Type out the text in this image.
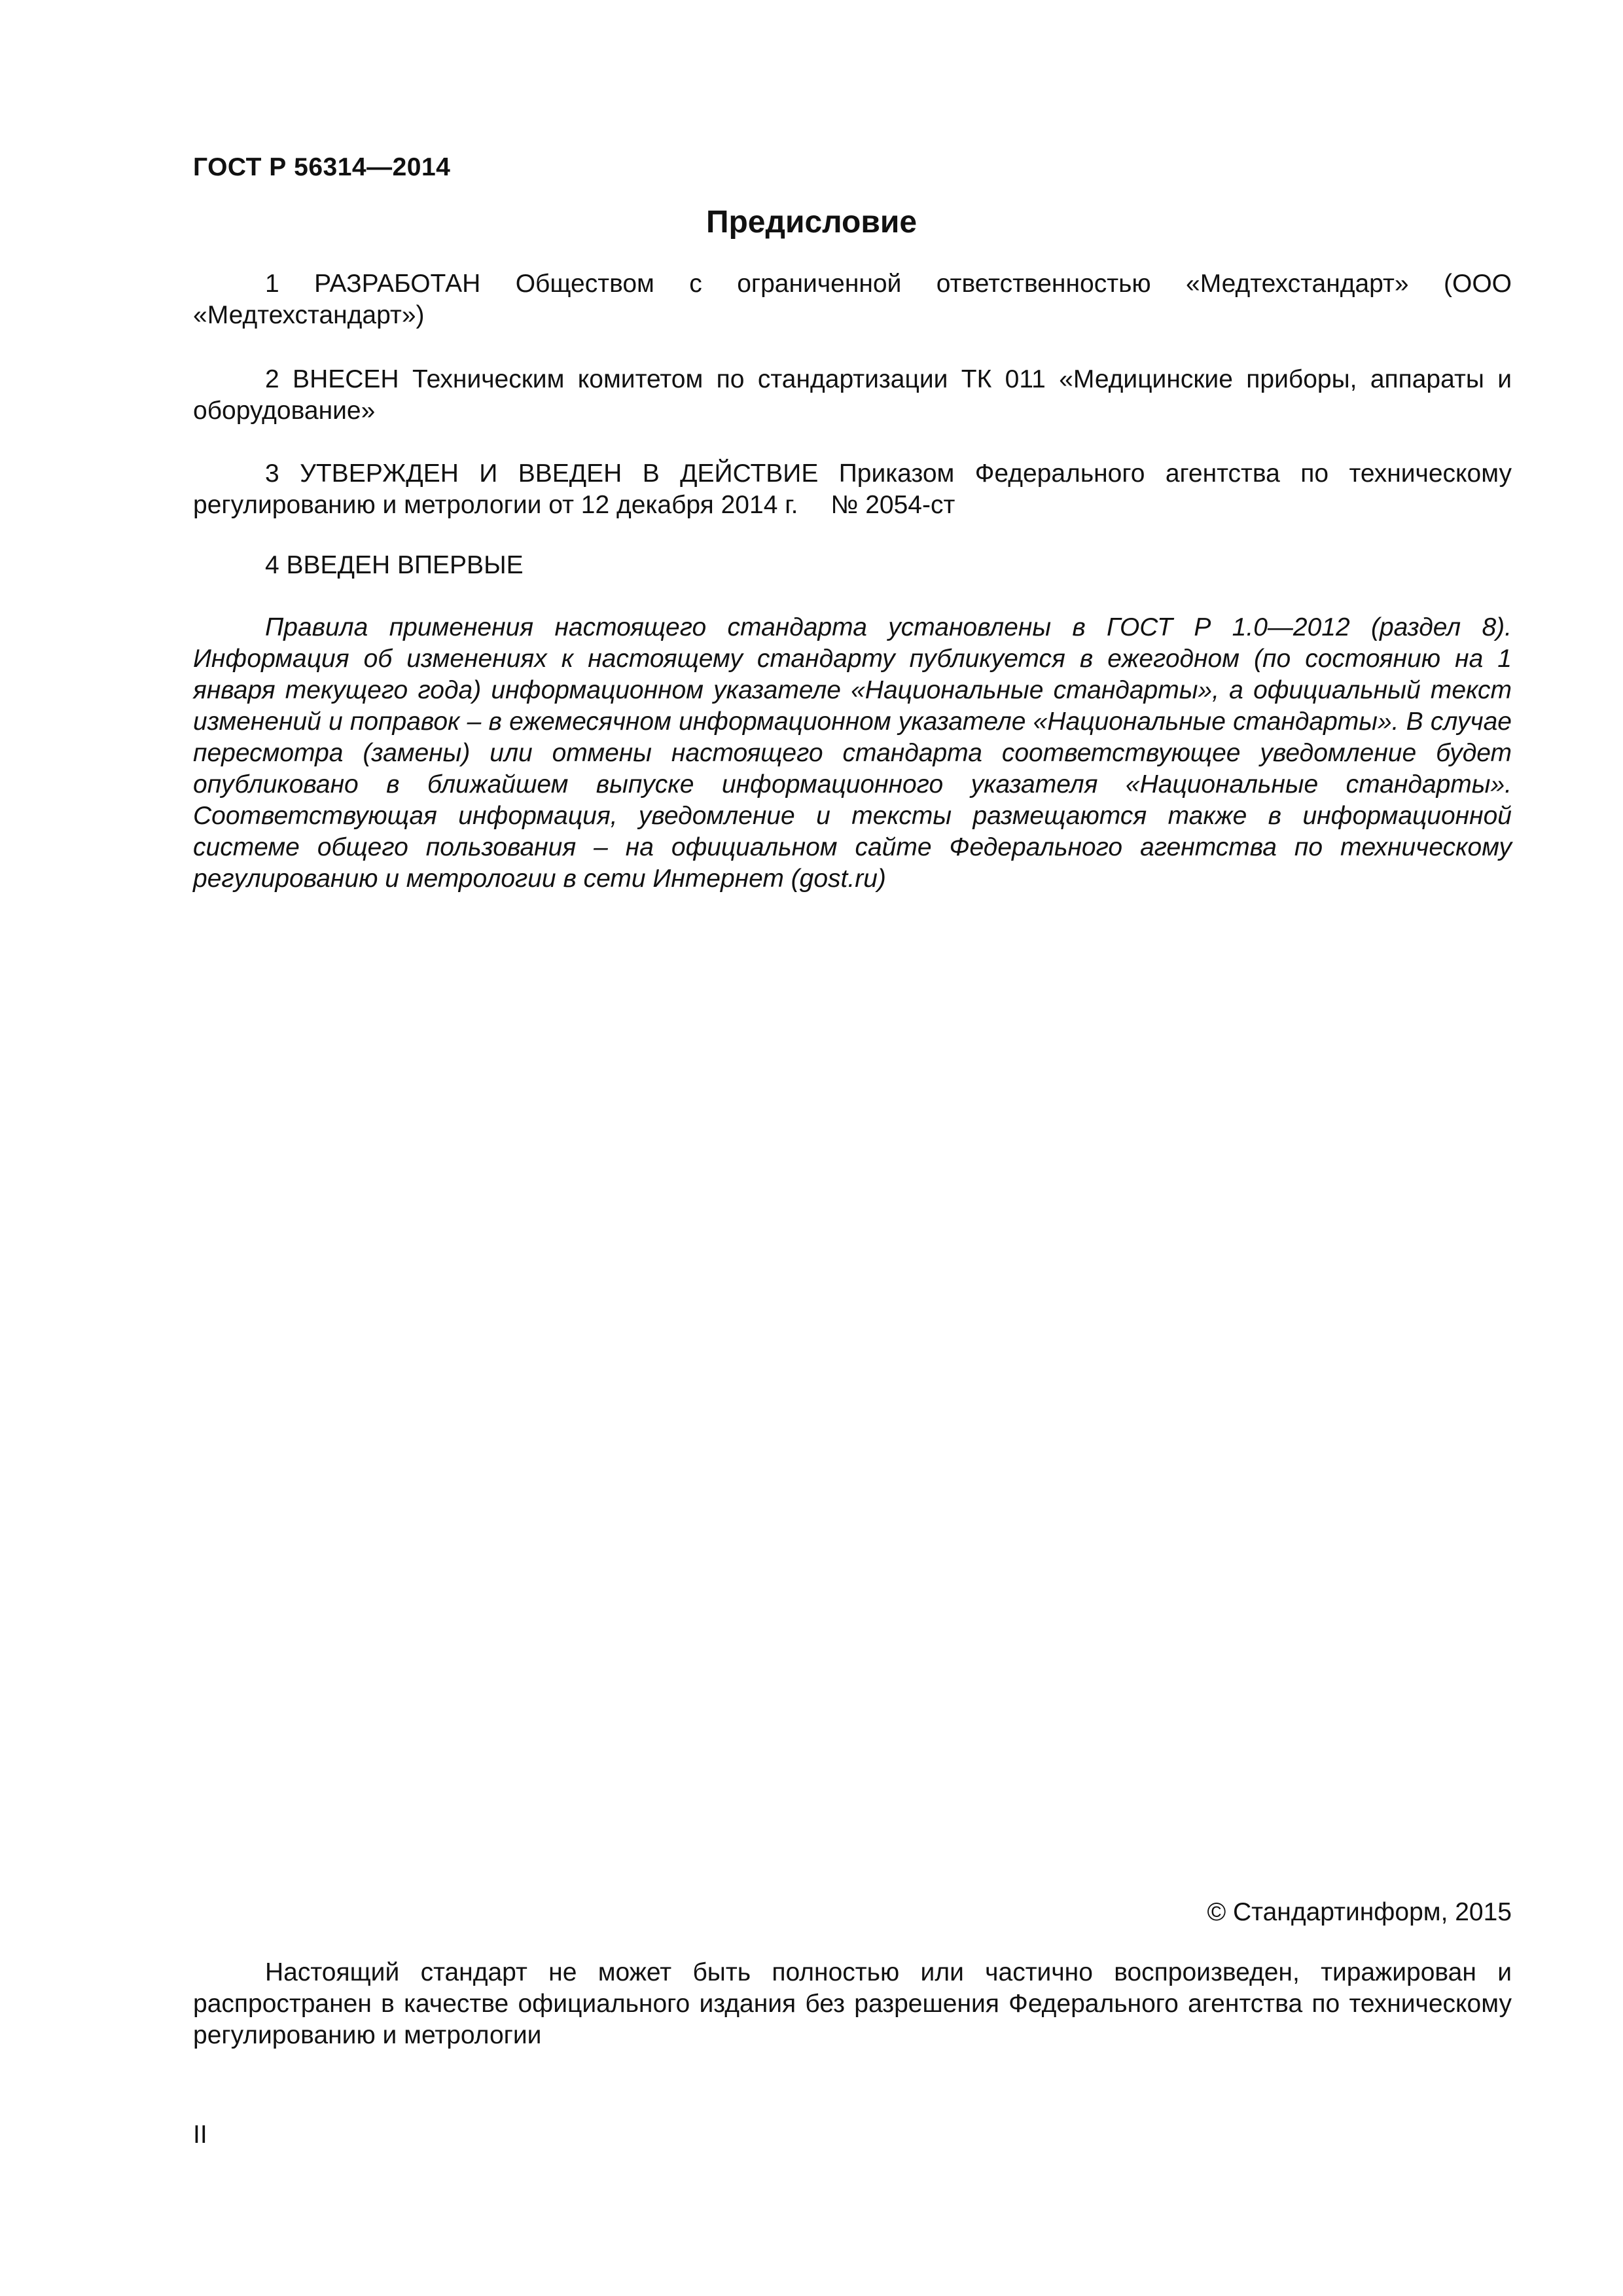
ГОСТ Р 56314—2014
Предисловие

1 РАЗРАБОТАН Обществом с ограниченной ответственностью «Медтехстандарт» (ООО «Медтехстандарт»)

2 ВНЕСЕН Техническим комитетом по стандартизации ТК 011 «Медицинские приборы, аппараты и оборудование»

3 УТВЕРЖДЕН И ВВЕДЕН В ДЕЙСТВИЕ Приказом Федерального агентства по техническому регулированию и метрологии от 12 декабря 2014 г. № 2054-ст

4 ВВЕДЕН ВПЕРВЫЕ

Правила применения настоящего стандарта установлены в ГОСТ Р 1.0—2012 (раздел 8). Информация об изменениях к настоящему стандарту публикуется в ежегодном (по состоянию на 1 января текущего года) информационном указателе «Национальные стандарты», а официальный текст изменений и поправок – в ежемесячном информационном указателе «Национальные стандарты». В случае пересмотра (замены) или отмены настоящего стандарта соответствующее уведомление будет опубликовано в ближайшем выпуске информационного указателя «Национальные стандарты». Соответствующая информация, уведомление и тексты размещаются также в информационной системе общего пользования – на официальном сайте Федерального агентства по техническому регулированию и метрологии в сети Интернет (gost.ru)

© Стандартинформ, 2015

Настоящий стандарт не может быть полностью или частично воспроизведен, тиражирован и распространен в качестве официального издания без разрешения Федерального агентства по техническому регулированию и метрологии

II
